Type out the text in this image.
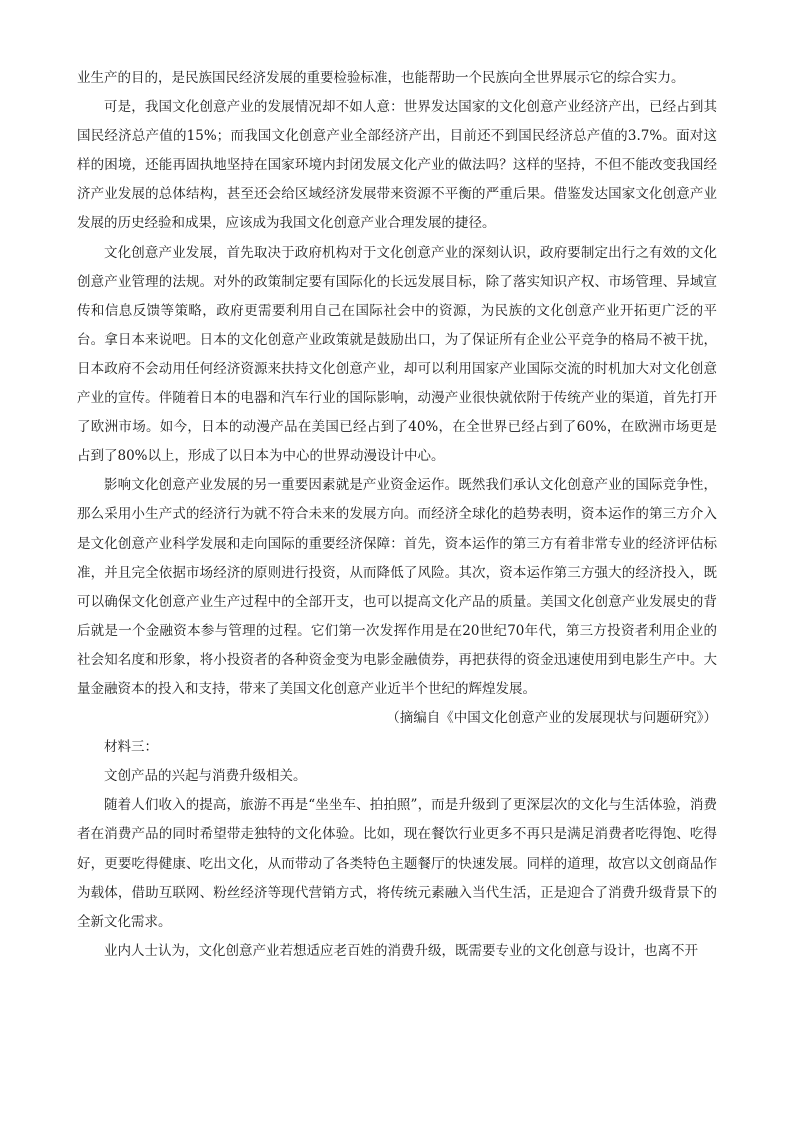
业生产的目的，是民族国民经济发展的重要检验标准，也能帮助一个民族向全世界展示它的综合实力。

可是，我国文化创意产业的发展情况却不如人意：世界发达国家的文化创意产业经济产出，已经占到其国民经济总产值的15%；而我国文化创意产业全部经济产出，目前还不到国民经济总产值的3.7%。面对这样的困境，还能再固执地坚持在国家环境内封闭发展文化产业的做法吗？这样的坚持，不但不能改变我国经济产业发展的总体结构，甚至还会给区域经济发展带来资源不平衡的严重后果。借鉴发达国家文化创意产业发展的历史经验和成果，应该成为我国文化创意产业合理发展的捷径。

文化创意产业发展，首先取决于政府机构对于文化创意产业的深刻认识，政府要制定出行之有效的文化创意产业管理的法规。对外的政策制定要有国际化的长远发展目标，除了落实知识产权、市场管理、异域宣传和信息反馈等策略，政府更需要利用自己在国际社会中的资源，为民族的文化创意产业开拓更广泛的平台。拿日本来说吧。日本的文化创意产业政策就是鼓励出口，为了保证所有企业公平竞争的格局不被干扰，日本政府不会动用任何经济资源来扶持文化创意产业，却可以利用国家产业国际交流的时机加大对文化创意产业的宣传。伴随着日本的电器和汽车行业的国际影响，动漫产业很快就依附于传统产业的渠道，首先打开了欧洲市场。如今，日本的动漫产品在美国已经占到了40%，在全世界已经占到了60%，在欧洲市场更是占到了80%以上，形成了以日本为中心的世界动漫设计中心。

影响文化创意产业发展的另一重要因素就是产业资金运作。既然我们承认文化创意产业的国际竞争性，那么采用小生产式的经济行为就不符合未来的发展方向。而经济全球化的趋势表明，资本运作的第三方介入是文化创意产业科学发展和走向国际的重要经济保障：首先，资本运作的第三方有着非常专业的经济评估标准，并且完全依据市场经济的原则进行投资，从而降低了风险。其次，资本运作第三方强大的经济投入，既可以确保文化创意产业生产过程中的全部开支，也可以提高文化产品的质量。美国文化创意产业发展史的背后就是一个金融资本参与管理的过程。它们第一次发挥作用是在20世纪70年代，第三方投资者利用企业的社会知名度和形象，将小投资者的各种资金变为电影金融债券，再把获得的资金迅速使用到电影生产中。大量金融资本的投入和支持，带来了美国文化创意产业近半个世纪的辉煌发展。

（摘编自《中国文化创意产业的发展现状与问题研究》）

材料三：

文创产品的兴起与消费升级相关。

随着人们收入的提高，旅游不再是“坐坐车、拍拍照”，而是升级到了更深层次的文化与生活体验，消费者在消费产品的同时希望带走独特的文化体验。比如，现在餐饮行业更多不再只是满足消费者吃得饱、吃得好，更要吃得健康、吃出文化，从而带动了各类特色主题餐厅的快速发展。同样的道理，故宫以文创商品作为载体，借助互联网、粉丝经济等现代营销方式，将传统元素融入当代生活，正是迎合了消费升级背景下的全新文化需求。

业内人士认为，文化创意产业若想适应老百姓的消费升级，既需要专业的文化创意与设计，也离不开
